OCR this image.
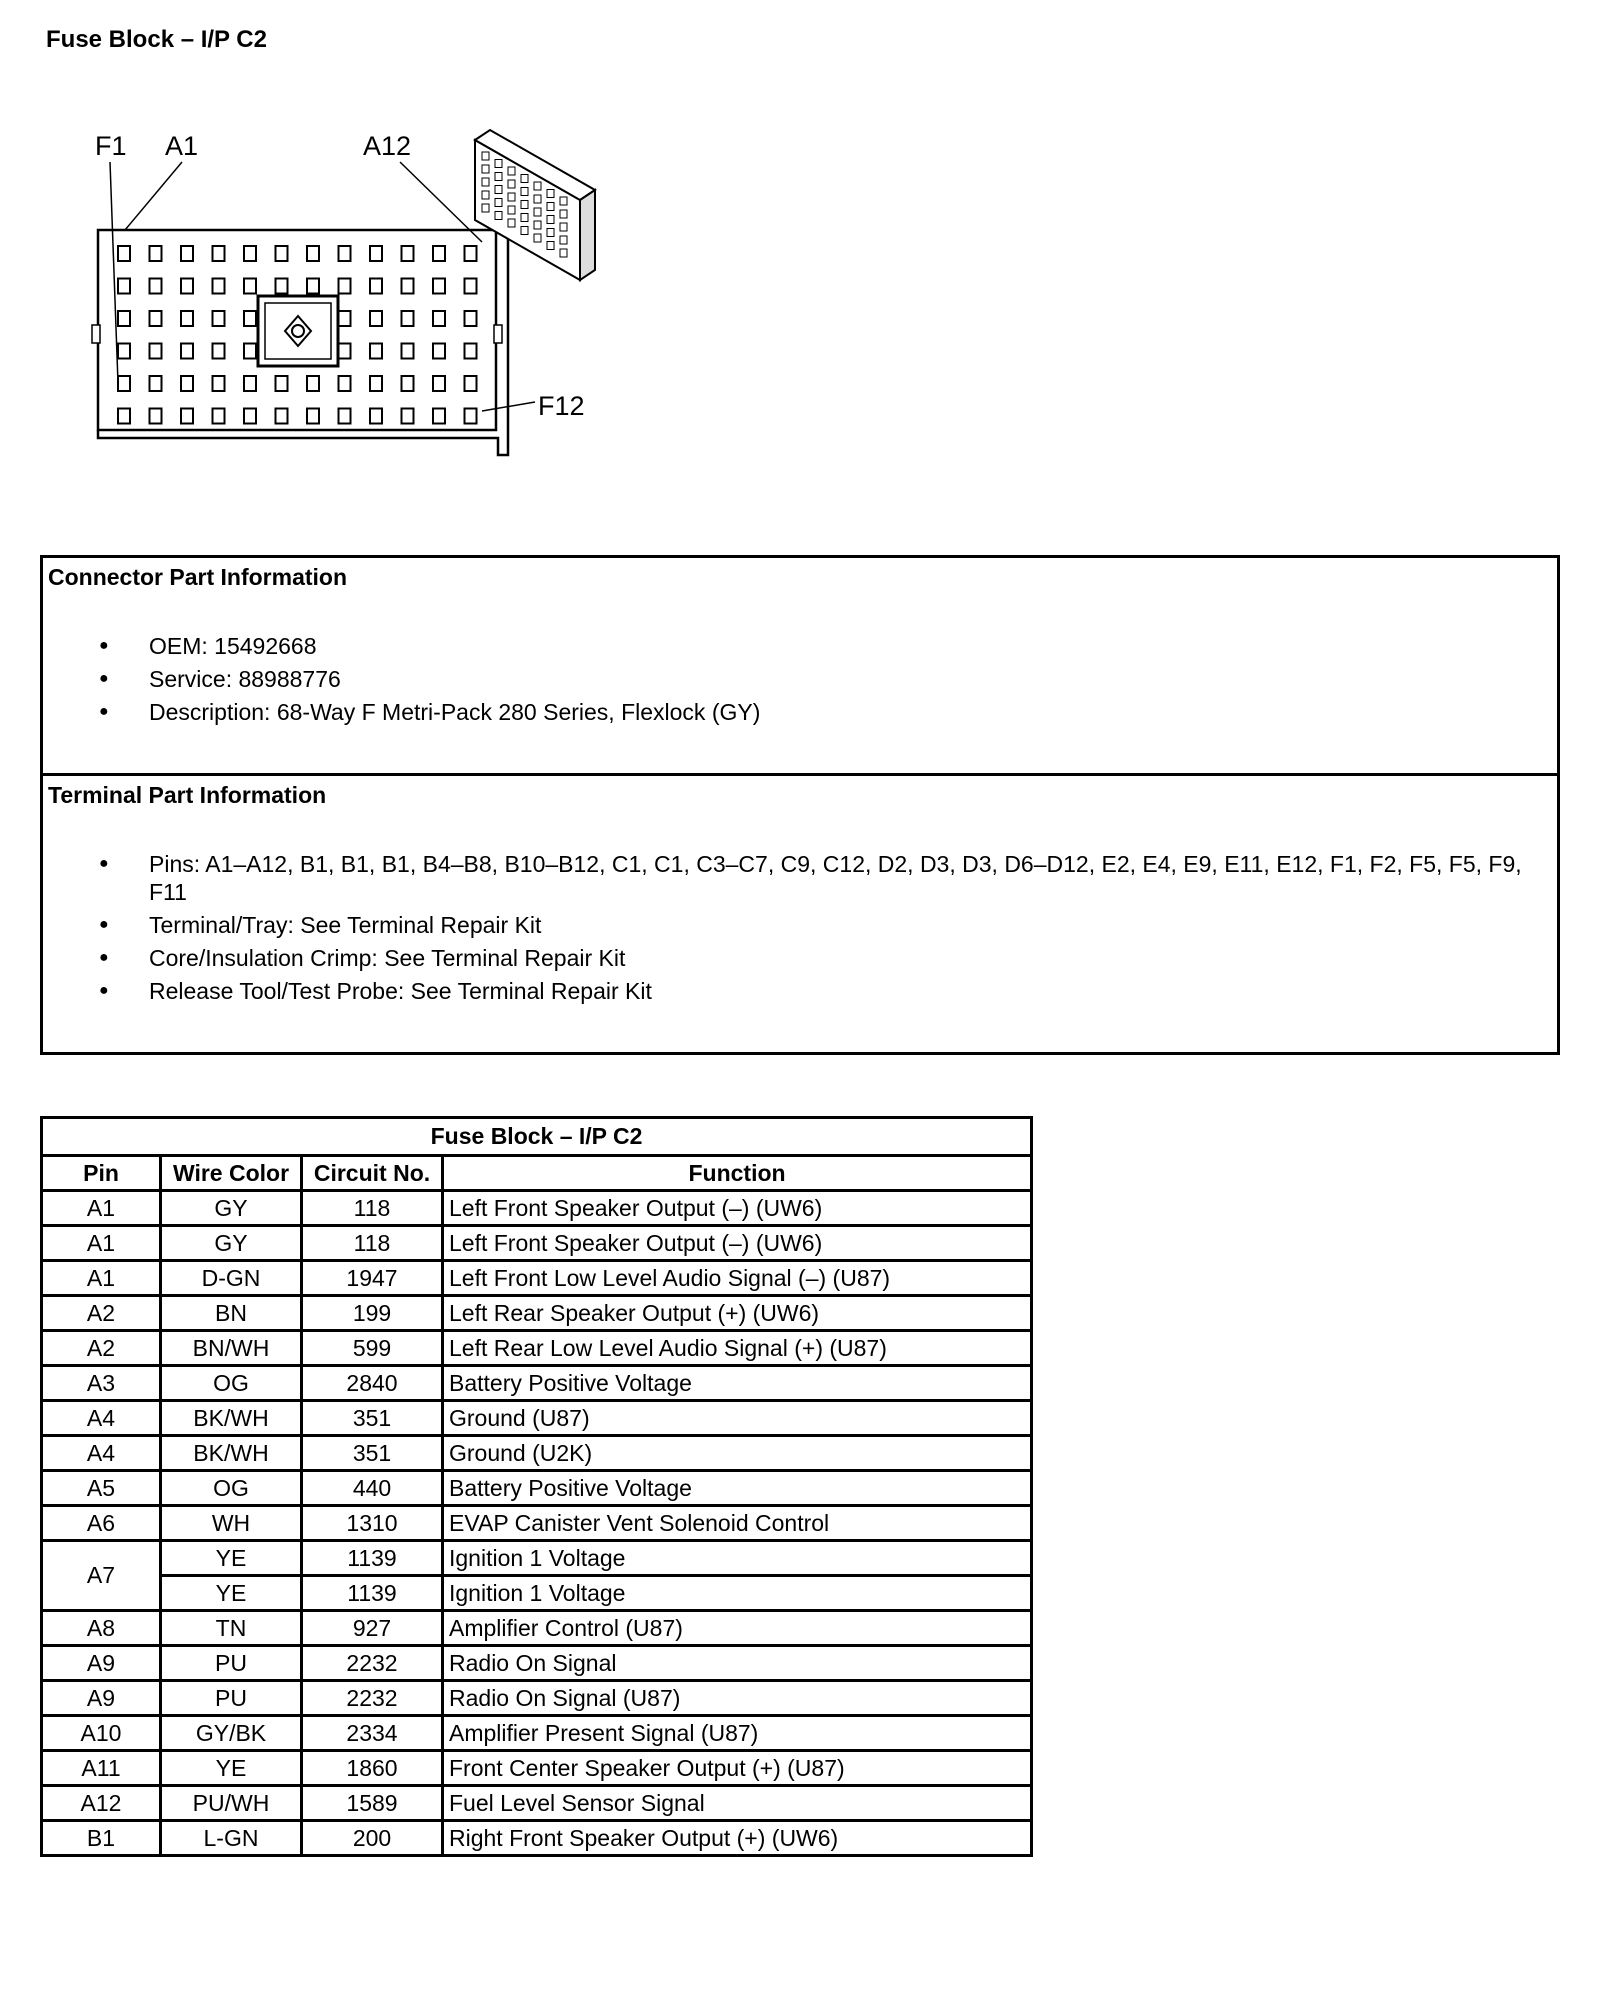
Fuse Block – I/P C2
F1 A1	A12
F12
Connector Part Information
● OEM: 15492668
● Service: 88988776
● Description: 68-Way F Metri-Pack 280 Series, Flexlock (GY)
Terminal Part Information
● Pins: A1–A12, B1, B1, B1, B4–B8, B10–B12, C1, C1, C3–C7, C9, C12, D2, D3, D3, D6–D12, E2, E4, E9, E11, E12, F1, F2, F5, F5, F9, F11
● Terminal/Tray: See Terminal Repair Kit
● Core/Insulation Crimp: See Terminal Repair Kit
● Release Tool/Test Probe: See Terminal Repair Kit
Fuse Block – I/P C2			
Pin	Wire Color	Circuit No.	Function
A1	GY	118	Left Front Speaker Output (–) (UW6)
A1	GY	118	Left Front Speaker Output (–) (UW6)
A1	D-GN	1947	Left Front Low Level Audio Signal (–) (U87)
A2	BN	199	Left Rear Speaker Output (+) (UW6)
A2	BN/WH	599	Left Rear Low Level Audio Signal (+) (U87)
A3	OG	2840	Battery Positive Voltage
A4	BK/WH	351	Ground (U87)
A4	BK/WH	351	Ground (U2K)
A5	OG	440	Battery Positive Voltage
A6	WH	1310	EVAP Canister Vent Solenoid Control
A7	YE	1139	Ignition 1 Voltage
	YE	1139	Ignition 1 Voltage
A8	TN	927	Amplifier Control (U87)
A9	PU	2232	Radio On Signal
A9	PU	2232	Radio On Signal (U87)
A10	GY/BK	2334	Amplifier Present Signal (U87)
A11	YE	1860	Front Center Speaker Output (+) (U87)
A12	PU/WH	1589	Fuel Level Sensor Signal
B1	L-GN	200	Right Front Speaker Output (+) (UW6)
